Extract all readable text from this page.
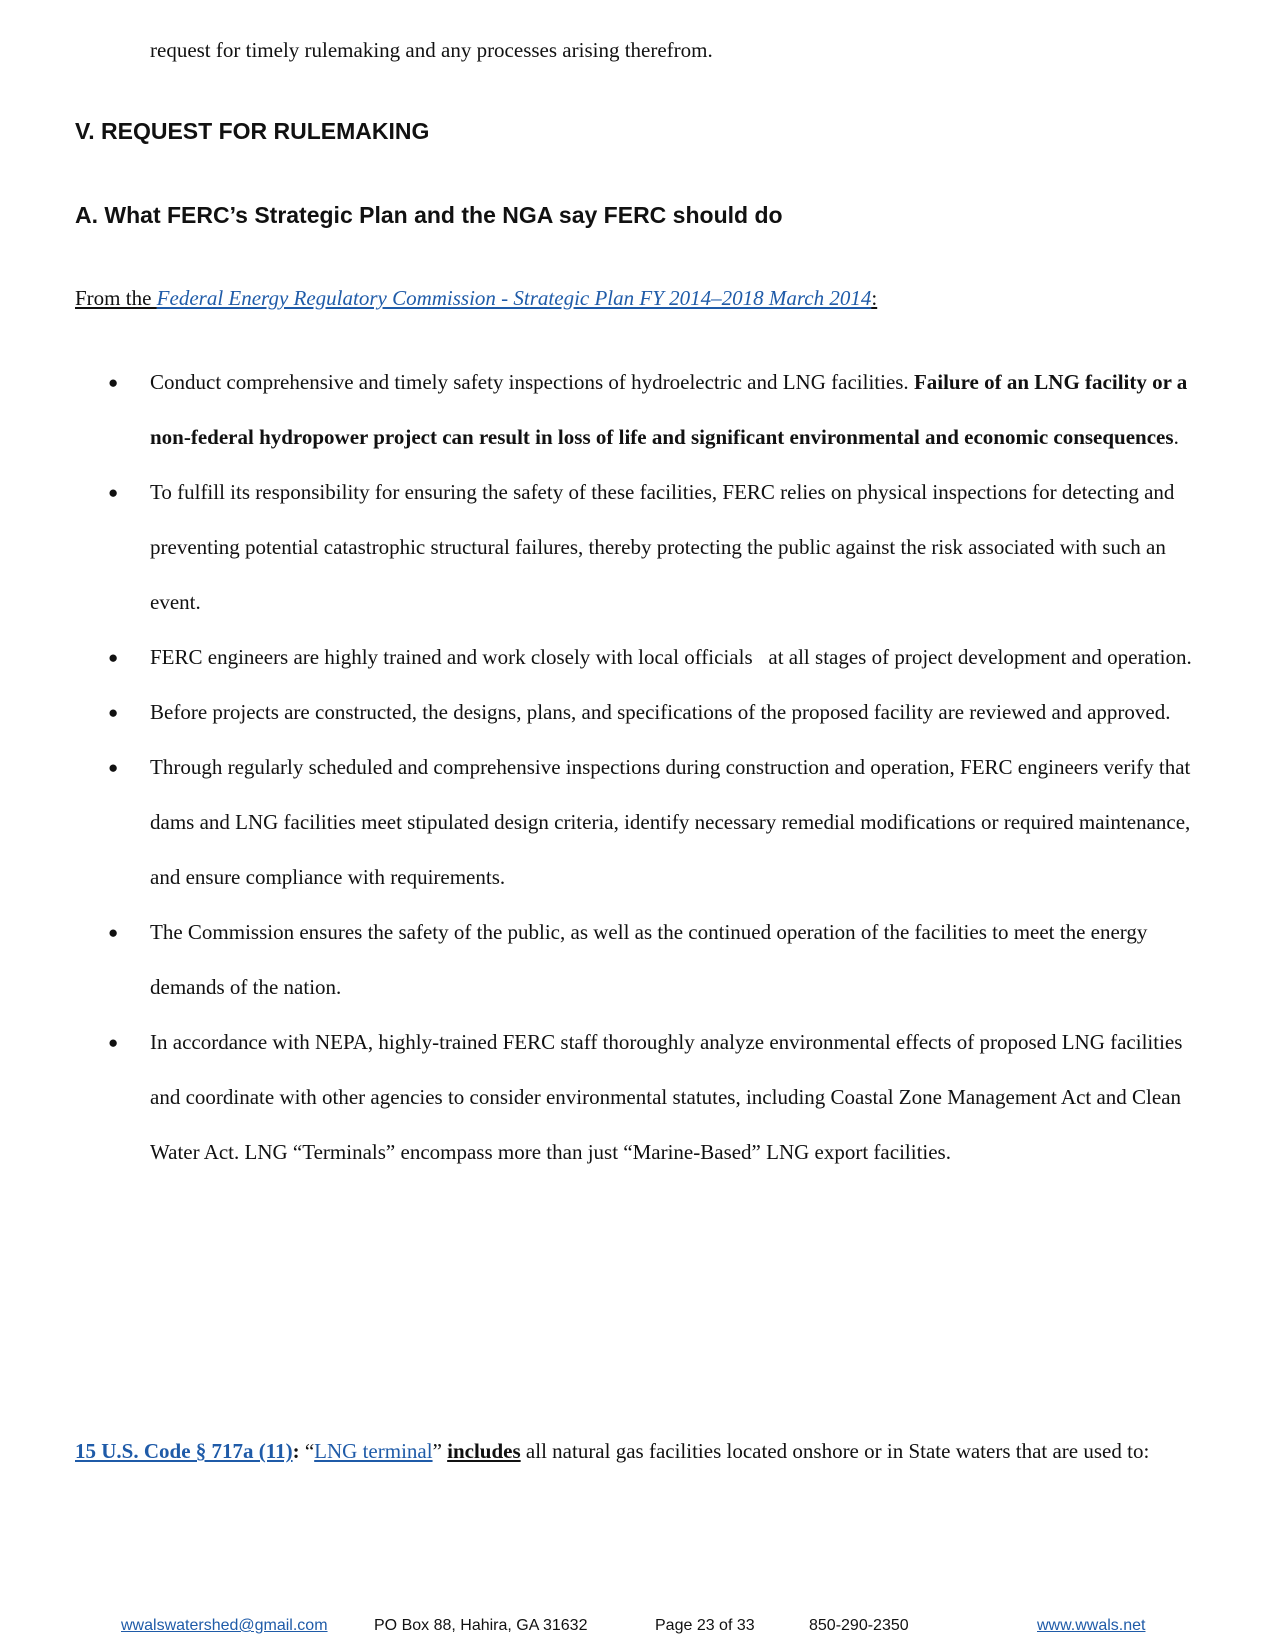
request for timely rulemaking and any processes arising therefrom.
V. REQUEST FOR RULEMAKING
A. What FERC’s Strategic Plan and the NGA say FERC should do
From the Federal Energy Regulatory Commission - Strategic Plan FY 2014–2018 March 2014:
●	Conduct comprehensive and timely safety inspections of hydroelectric and LNG facilities. Failure of an LNG facility or a non-federal hydropower project can result in loss of life and significant environmental and economic consequences.
●	To fulfill its responsibility for ensuring the safety of these facilities, FERC relies on physical inspections for detecting and preventing potential catastrophic structural failures, thereby protecting the public against the risk associated with such an event.
●	FERC engineers are highly trained and work closely with local officials   at all stages of project development and operation.
●	Before projects are constructed, the designs, plans, and specifications of the proposed facility are reviewed and approved.
●	Through regularly scheduled and comprehensive inspections during construction and operation, FERC engineers verify that dams and LNG facilities meet stipulated design criteria, identify necessary remedial modifications or required maintenance, and ensure compliance with requirements.
●	The Commission ensures the safety of the public, as well as the continued operation of the facilities to meet the energy demands of the nation.
●	In accordance with NEPA, highly-trained FERC staff thoroughly analyze environmental effects of proposed LNG facilities and coordinate with other agencies to consider environmental statutes, including Coastal Zone Management Act and Clean Water Act. LNG “Terminals” encompass more than just “Marine-Based” LNG export facilities.
15 U.S. Code § 717a (11): “LNG terminal” includes all natural gas facilities located onshore or in State waters that are used to:
wwalswatershed@gmail.com	PO Box 88, Hahira, GA 31632	Page 23 of 33	850-290-2350	www.wwals.net
